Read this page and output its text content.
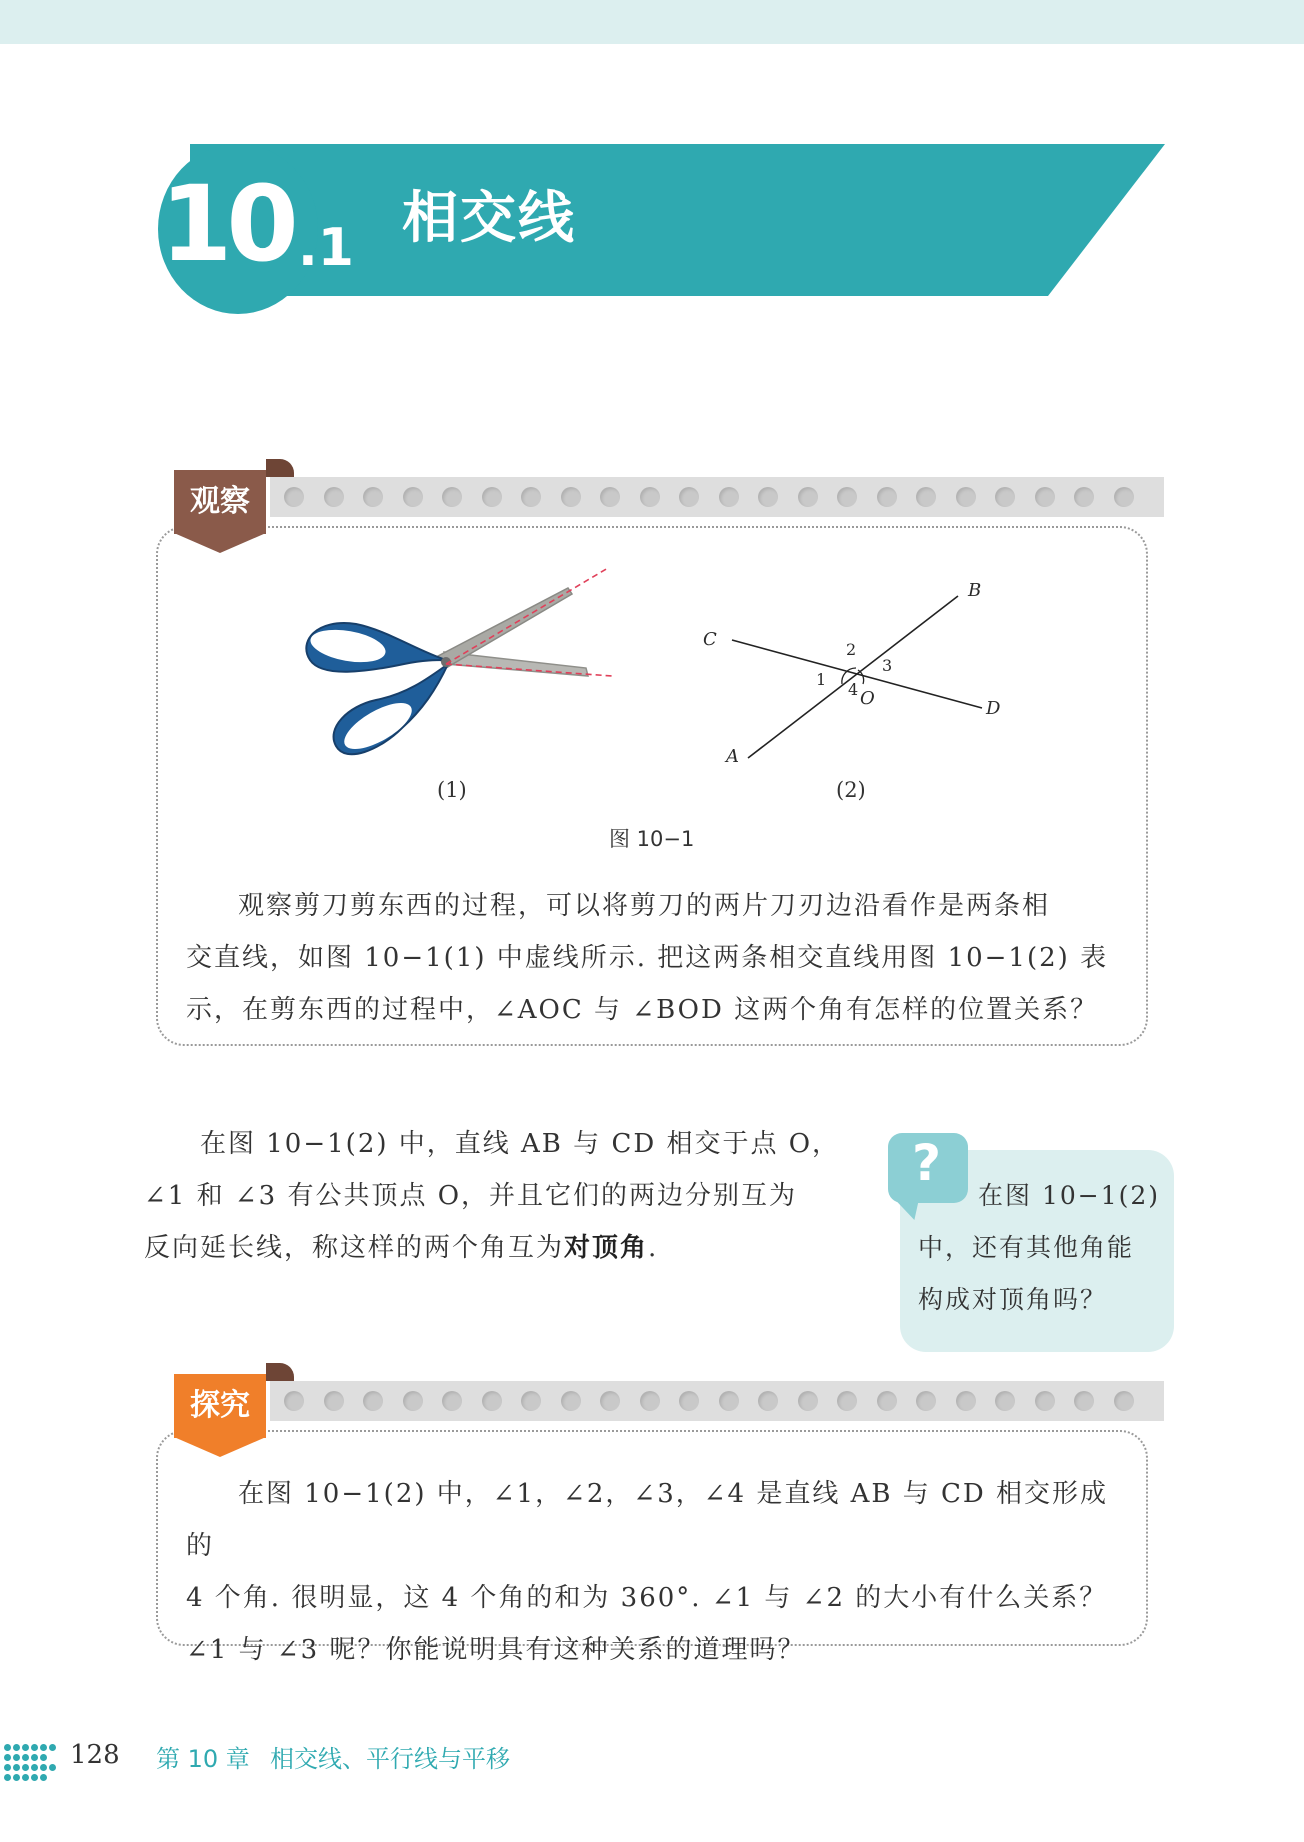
10 .1 相交线
观察
(1)
B
C
D
A
O
1
2
3
4
(2)
图 10−1
观察剪刀剪东西的过程，可以将剪刀的两片刀刃边沿看作是两条相
交直线，如图 10−1(1) 中虚线所示. 把这两条相交直线用图 10−1(2) 表
示，在剪东西的过程中，∠AOC 与 ∠BOD 这两个角有怎样的位置关系？
在图 10−1(2) 中，直线 AB 与 CD 相交于点 O，
∠1 和 ∠3 有公共顶点 O，并且它们的两边分别互为
反向延长线，称这样的两个角互为对顶角.
?
在图 10−1(2)
中，还有其他角能
构成对顶角吗？
探究
在图 10−1(2) 中，∠1，∠2，∠3，∠4 是直线 AB 与 CD 相交形成的
4 个角. 很明显，这 4 个角的和为 360°. ∠1 与 ∠2 的大小有什么关系？
∠1 与 ∠3 呢？你能说明具有这种关系的道理吗？
128 第 10 章 相交线、平行线与平移
